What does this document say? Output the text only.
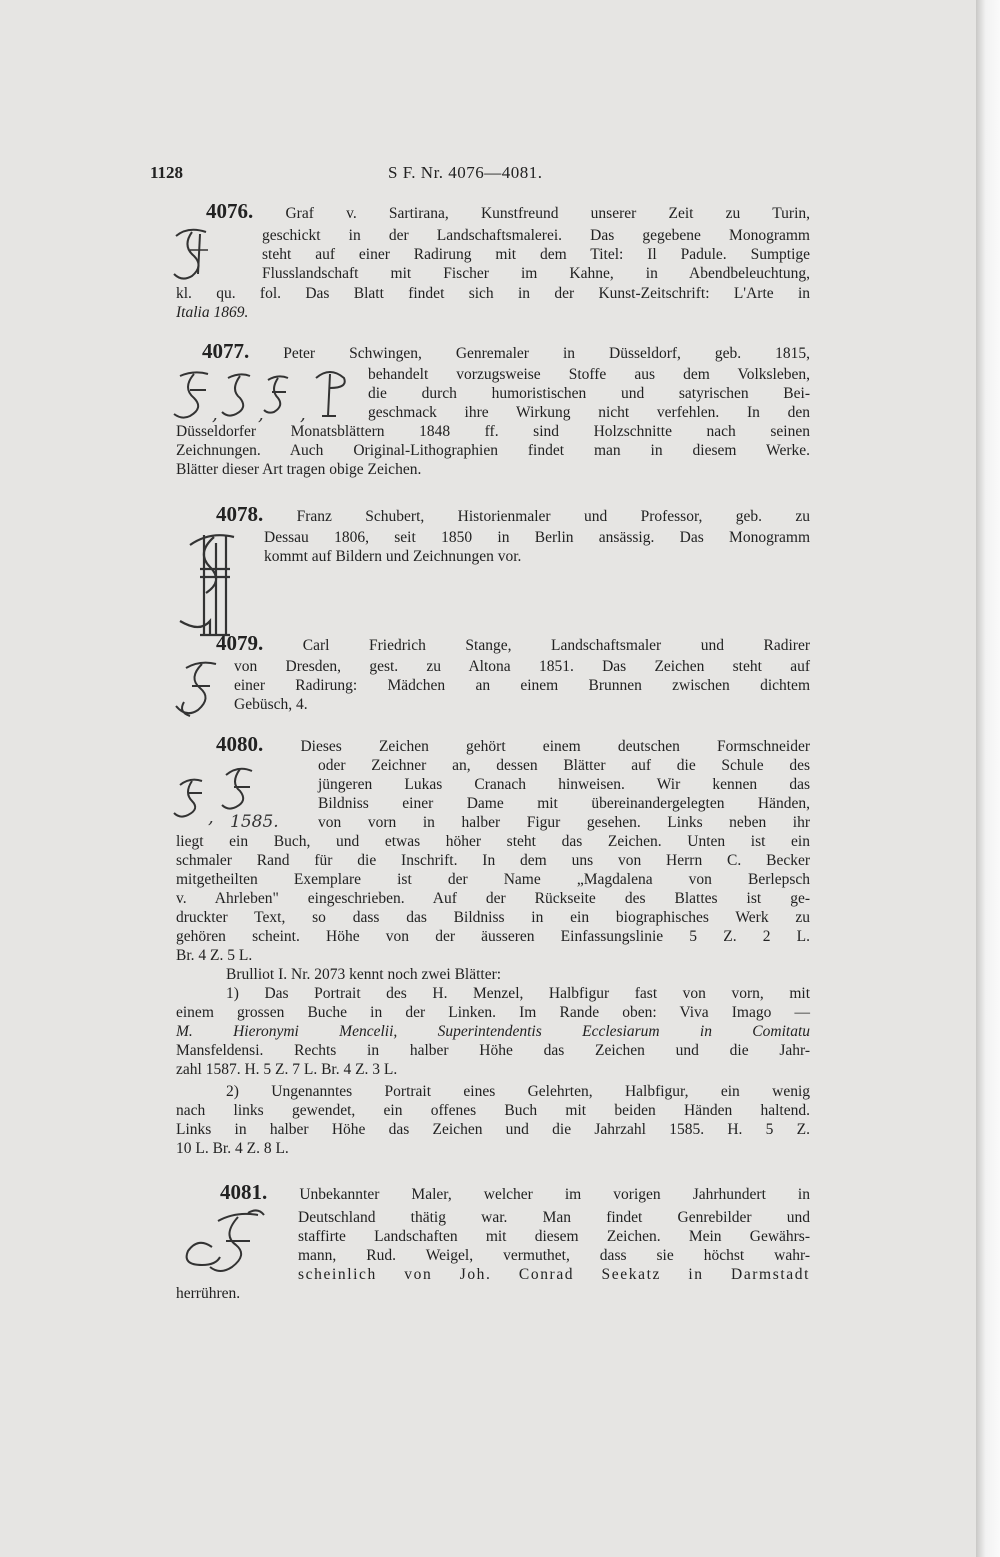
1128	S F. Nr. 4076—4081.
4076. Graf v. Sartirana, Kunstfreund unserer Zeit zu Turin,
geschickt in der Landschaftsmalerei. Das gegebene Monogramm
steht auf einer Radirung mit dem Titel: Il Padule. Sumptige
Flusslandschaft mit Fischer im Kahne, in Abendbeleuchtung,
kl. qu. fol. Das Blatt findet sich in der Kunst-Zeitschrift: L'Arte in
Italia 1869.
4077. Peter Schwingen, Genremaler in Düsseldorf, geb. 1815,
behandelt vorzugsweise Stoffe aus dem Volksleben,
die durch humoristischen und satyrischen Bei-
geschmack ihre Wirkung nicht verfehlen. In den
Düsseldorfer Monatsblättern 1848 ff. sind Holzschnitte nach seinen
Zeichnungen. Auch Original-Lithographien findet man in diesem Werke.
Blätter dieser Art tragen obige Zeichen.
, , ,
4078. Franz Schubert, Historienmaler und Professor, geb. zu
Dessau 1806, seit 1850 in Berlin ansässig. Das Monogramm
kommt auf Bildern und Zeichnungen vor.
4079.	Carl Friedrich Stange, Landschaftsmaler und Radirer
von Dresden, gest. zu Altona 1851. Das Zeichen steht auf
einer Radirung: Mädchen an einem Brunnen zwischen dichtem
Gebüsch, 4.
4080. Dieses Zeichen gehört einem deutschen Formschneider
oder Zeichner an, dessen Blätter auf die Schule des
jüngeren Lukas Cranach hinweisen. Wir kennen das
Bildniss einer Dame mit übereinandergelegten Händen,
von vorn in halber Figur gesehen. Links neben ihr
liegt ein Buch, und etwas höher steht das Zeichen. Unten ist ein
schmaler Rand für die Inschrift. In dem uns von Herrn C. Becker
mitgetheilten Exemplare ist der Name „Magdalena von Berlepsch
v. Ahrleben" eingeschrieben. Auf der Rückseite des Blattes ist ge-
druckter Text, so dass das Bildniss in ein biographisches Werk zu
gehören scheint. Höhe von der äusseren Einfassungslinie 5 Z. 2 L.
Br. 4 Z. 5 L.
Brulliot I. Nr. 2073 kennt noch zwei Blätter:
1) Das Portrait des H. Menzel, Halbfigur fast von vorn, mit
einem grossen Buche in der Linken. Im Rande oben: Viva Imago —
M. Hieronymi Mencelii, Superintendentis Ecclesiarum in Comitatu
Mansfeldensi. Rechts in halber Höhe das Zeichen und die Jahr-
zahl 1587. H. 5 Z. 7 L. Br. 4 Z. 3 L.
2) Ungenanntes Portrait eines Gelehrten, Halbfigur, ein wenig
nach links gewendet, ein offenes Buch mit beiden Händen haltend.
Links in halber Höhe das Zeichen und die Jahrzahl 1585. H. 5 Z.
10 L. Br. 4 Z. 8 L.
, 1585.
4081. Unbekannter Maler, welcher im vorigen Jahrhundert in
Deutschland thätig war. Man findet Genrebilder und
staffirte Landschaften mit diesem Zeichen. Mein Gewährs-
mann, Rud. Weigel, vermuthet, dass sie höchst wahr-
scheinlich von Joh. Conrad Seekatz in Darmstadt
herrühren.
